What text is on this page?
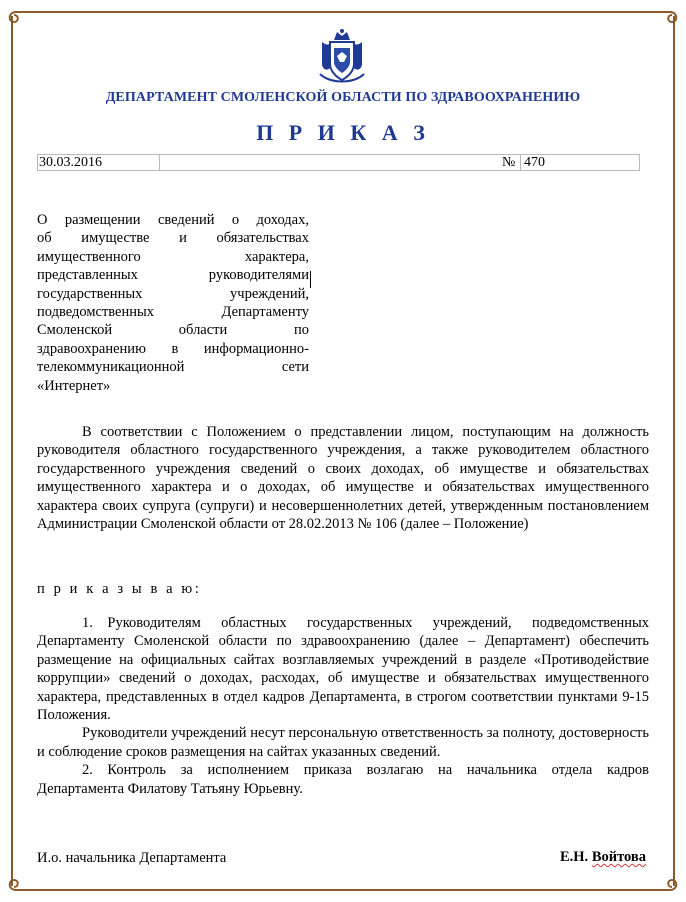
ДЕПАРТАМЕНТ СМОЛЕНСКОЙ ОБЛАСТИ ПО ЗДРАВООХРАНЕНИЮ
П Р И К А З
30.03.2016	№ 470
О размещении сведений о доходах,
об имуществе и обязательствах
имущественного характера,
представленных руководителями
государственных учреждений,
подведомственных Департаменту
Смоленской области по
здравоохранению в информационно-
телекоммуникационной сети
«Интернет»

В соответствии с Положением о представлении лицом, поступающим на должность руководителя областного государственного учреждения, а также руководителем областного государственного учреждения сведений о своих доходах, об имуществе и обязательствах имущественного характера и о доходах, об имуществе и обязательствах имущественного характера своих супруга (супруги) и несовершеннолетних детей, утвержденным постановлением Администрации Смоленской области от 28.02.2013 № 106 (далее – Положение)

п р и к а з ы в а ю:

1. Руководителям областных государственных учреждений, подведомственных Департаменту Смоленской области по здравоохранению (далее – Департамент) обеспечить размещение на официальных сайтах возглавляемых учреждений в разделе «Противодействие коррупции» сведений о доходах, расходах, об имуществе и обязательствах имущественного характера, представленных в отдел кадров Департамента, в строгом соответствии пунктами 9-15 Положения.

Руководители учреждений несут персональную ответственность за полноту, достоверность и соблюдение сроков размещения на сайтах указанных сведений.

2. Контроль за исполнением приказа возлагаю на начальника отдела кадров Департамента Филатову Татьяну Юрьевну.

И.о. начальника Департамента	Е.Н. Войтова
